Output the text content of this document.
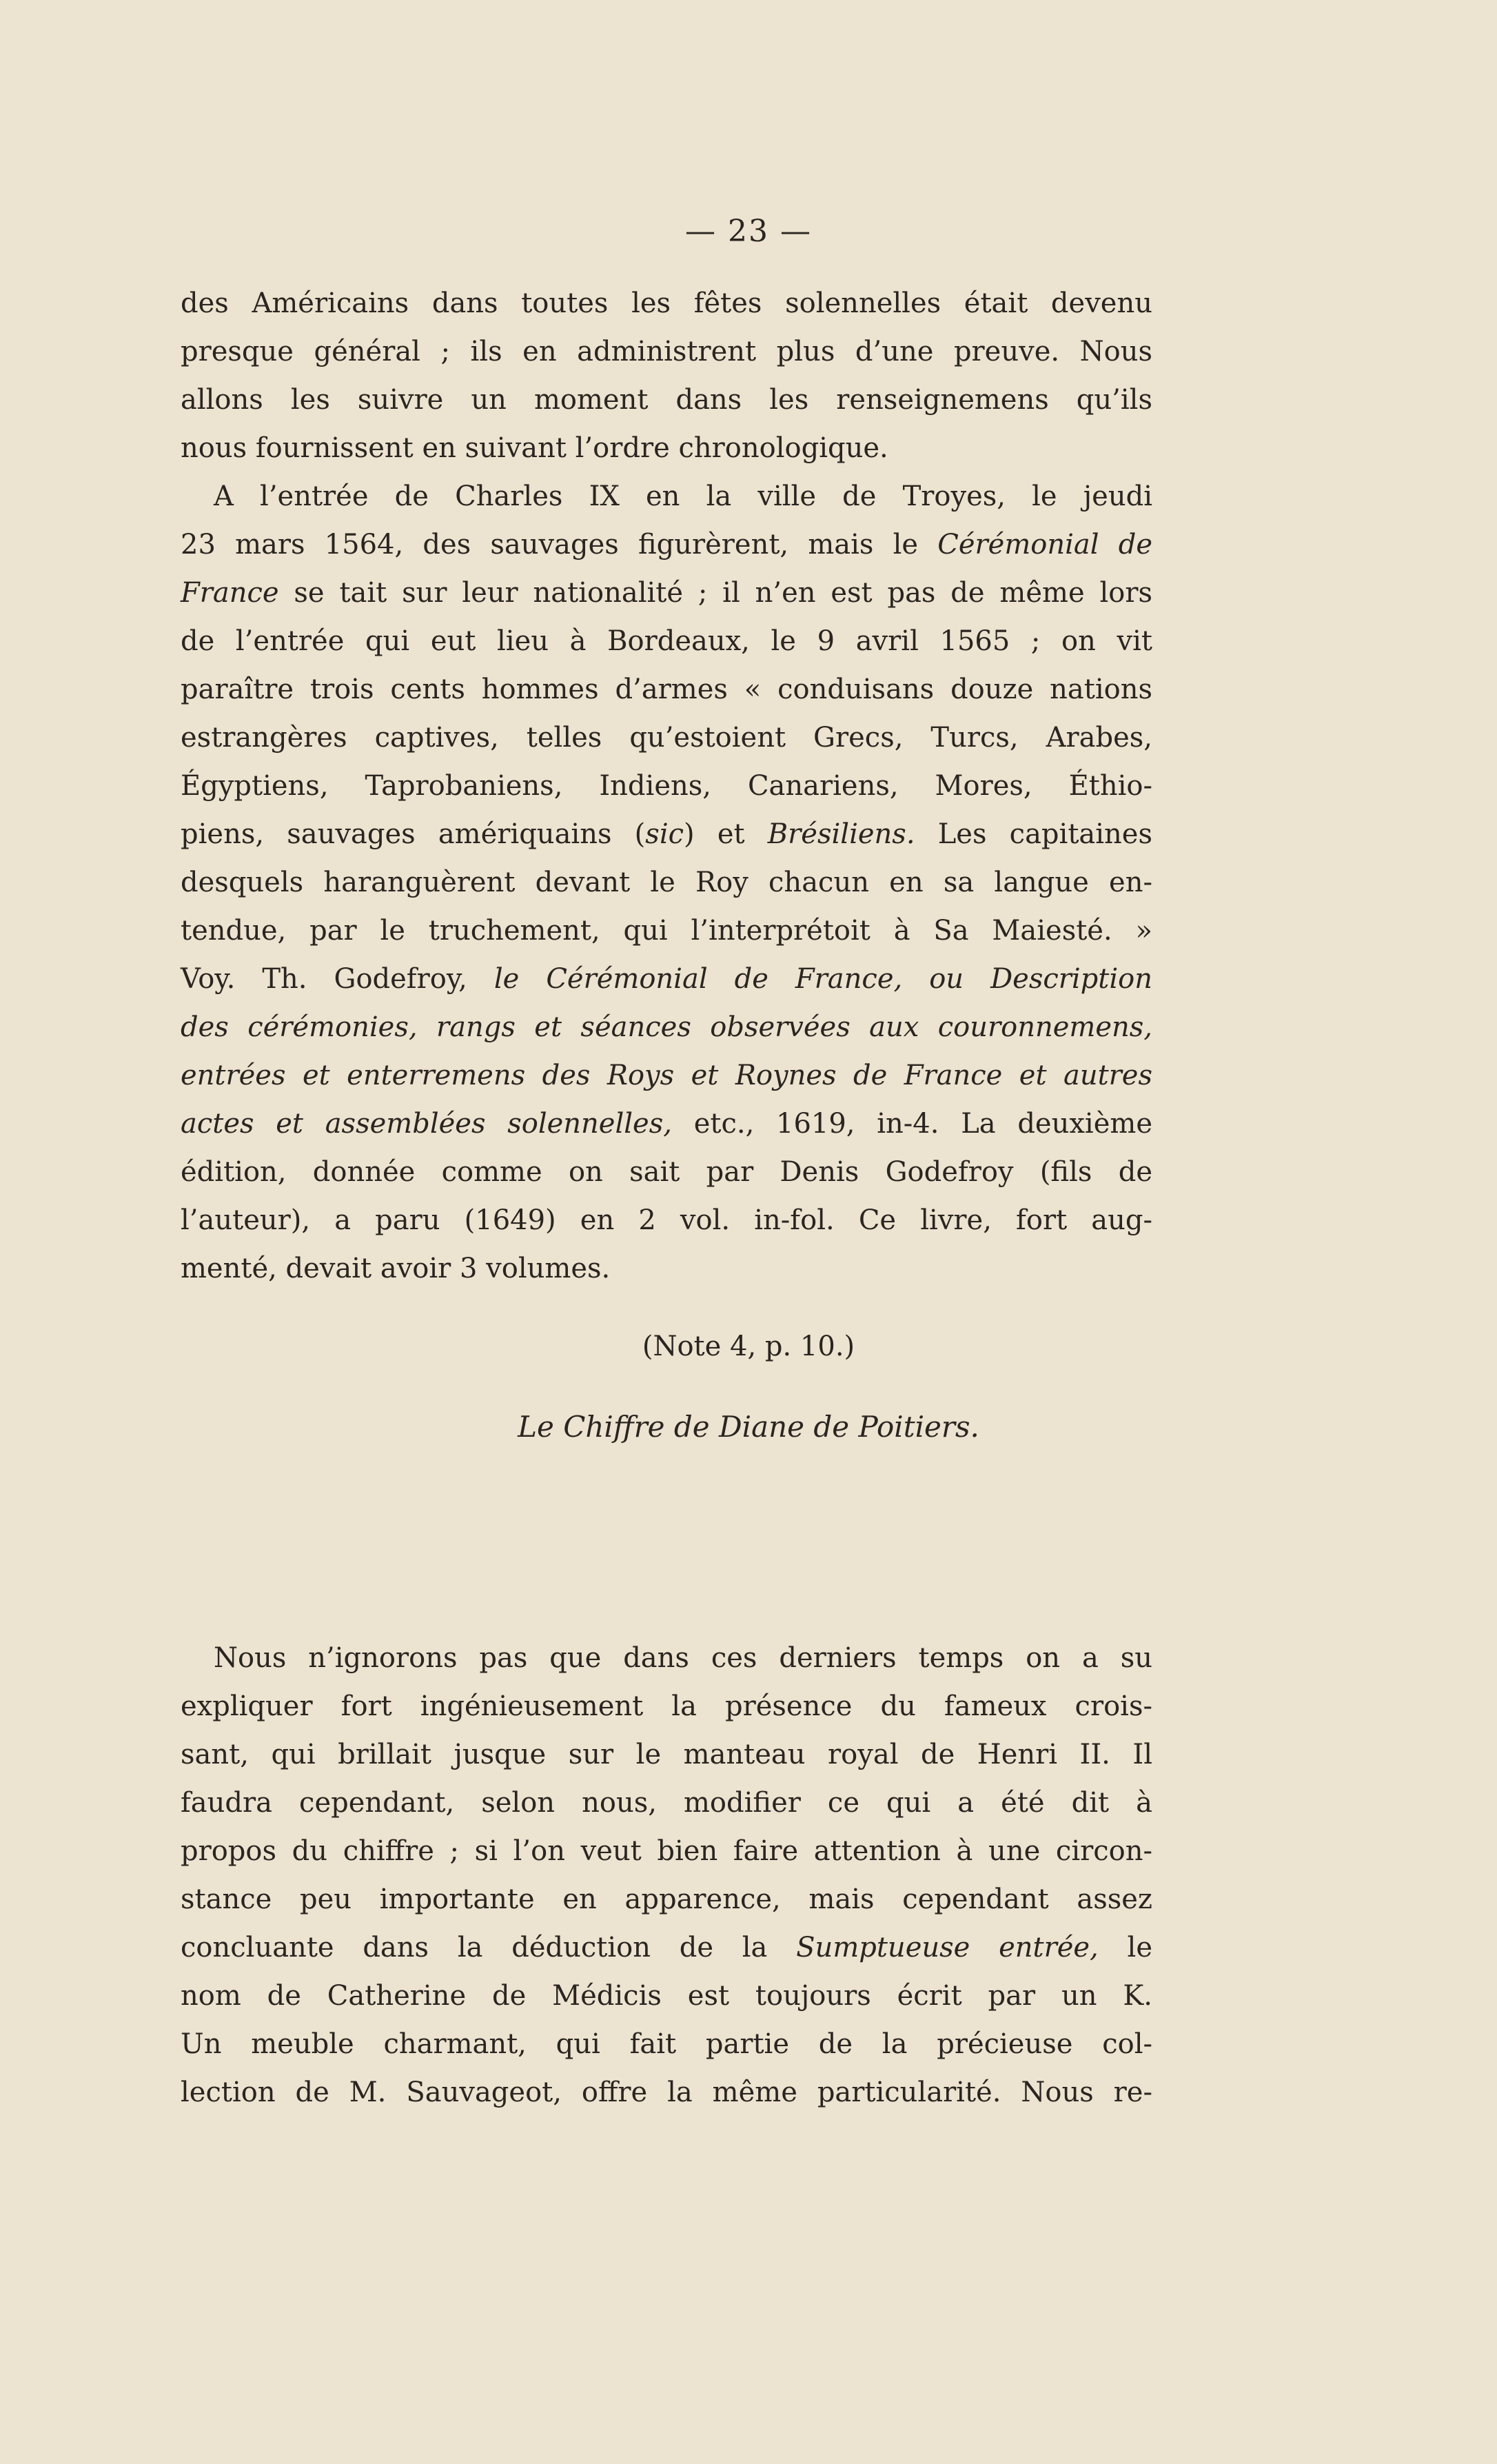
— 23 —

des Américains dans toutes les fêtes solennelles était devenu

presque général ; ils en administrent plus d’une preuve. Nous

allons les suivre un moment dans les renseignemens qu’ils

nous fournissent en suivant l’ordre chronologique.

A l’entrée de Charles IX en la ville de Troyes, le jeudi

23 mars 1564, des sauvages figurèrent, mais le Cérémonial de

France se tait sur leur nationalité ; il n’en est pas de même lors

de l’entrée qui eut lieu à Bordeaux, le 9 avril 1565 ; on vit

paraître trois cents hommes d’armes « conduisans douze nations

estrangères captives, telles qu’estoient Grecs, Turcs, Arabes,

Égyptiens, Taprobaniens, Indiens, Canariens, Mores, Éthio-

piens, sauvages amériquains (sic) et Brésiliens. Les capitaines

desquels haranguèrent devant le Roy chacun en sa langue en-

tendue, par le truchement, qui l’interprétoit à Sa Maiesté. »

Voy. Th. Godefroy, le Cérémonial de France, ou Description

des cérémonies, rangs et séances observées aux couronnemens,

entrées et enterremens des Roys et Roynes de France et autres

actes et assemblées solennelles, etc., 1619, in-4. La deuxième

édition, donnée comme on sait par Denis Godefroy (fils de

l’auteur), a paru (1649) en 2 vol. in-fol. Ce livre, fort aug-

menté, devait avoir 3 volumes.

(Note 4, p. 10.)
Le Chiffre de Diane de Poitiers.

Nous n’ignorons pas que dans ces derniers temps on a su

expliquer fort ingénieusement la présence du fameux crois-

sant, qui brillait jusque sur le manteau royal de Henri II. Il

faudra cependant, selon nous, modifier ce qui a été dit à

propos du chiffre ; si l’on veut bien faire attention à une circon-

stance peu importante en apparence, mais cependant assez

concluante dans la déduction de la Sumptueuse entrée, le

nom de Catherine de Médicis est toujours écrit par un K.

Un meuble charmant, qui fait partie de la précieuse col-

lection de M. Sauvageot, offre la même particularité. Nous re-
